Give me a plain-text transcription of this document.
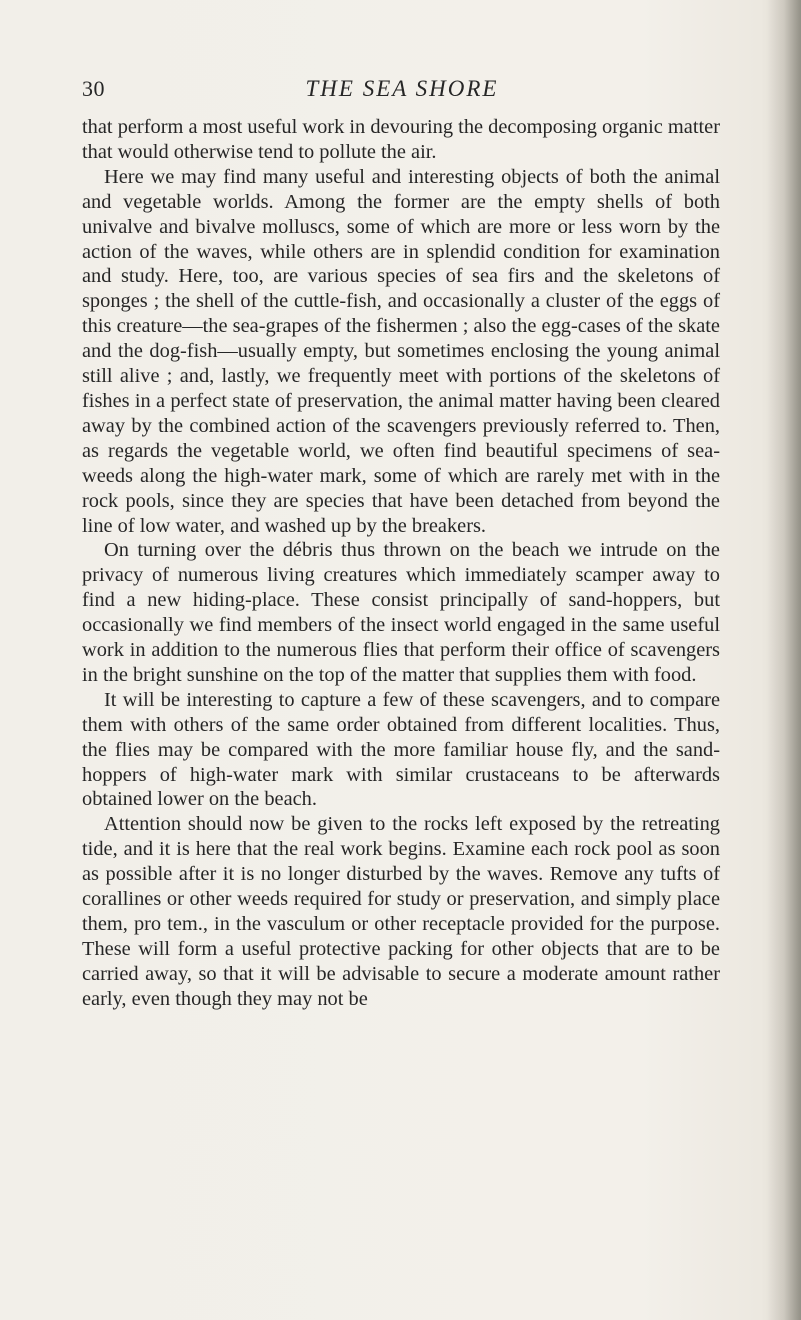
30	THE SEA SHORE

that perform a most useful work in devouring the decomposing organic matter that would otherwise tend to pollute the air.

Here we may find many useful and interesting objects of both the animal and vegetable worlds. Among the former are the empty shells of both univalve and bivalve molluscs, some of which are more or less worn by the action of the waves, while others are in splendid condition for examination and study. Here, too, are various species of sea firs and the skeletons of sponges ; the shell of the cuttle-fish, and occasionally a cluster of the eggs of this creature—the sea-grapes of the fishermen ; also the egg-cases of the skate and the dog-fish—usually empty, but sometimes enclosing the young animal still alive ; and, lastly, we frequently meet with portions of the skeletons of fishes in a perfect state of preservation, the animal matter having been cleared away by the combined action of the scavengers previously referred to. Then, as regards the vegetable world, we often find beautiful specimens of sea-weeds along the high-water mark, some of which are rarely met with in the rock pools, since they are species that have been detached from beyond the line of low water, and washed up by the breakers.

On turning over the débris thus thrown on the beach we intrude on the privacy of numerous living creatures which immediately scamper away to find a new hiding-place. These consist principally of sand-hoppers, but occasionally we find members of the insect world engaged in the same useful work in addition to the numerous flies that perform their office of scavengers in the bright sunshine on the top of the matter that supplies them with food.

It will be interesting to capture a few of these scavengers, and to compare them with others of the same order obtained from different localities. Thus, the flies may be compared with the more familiar house fly, and the sand-hoppers of high-water mark with similar crustaceans to be afterwards obtained lower on the beach.

Attention should now be given to the rocks left exposed by the retreating tide, and it is here that the real work begins. Examine each rock pool as soon as possible after it is no longer disturbed by the waves. Remove any tufts of corallines or other weeds required for study or preservation, and simply place them, pro tem., in the vasculum or other receptacle provided for the purpose. These will form a useful protective packing for other objects that are to be carried away, so that it will be advisable to secure a moderate amount rather early, even though they may not be
